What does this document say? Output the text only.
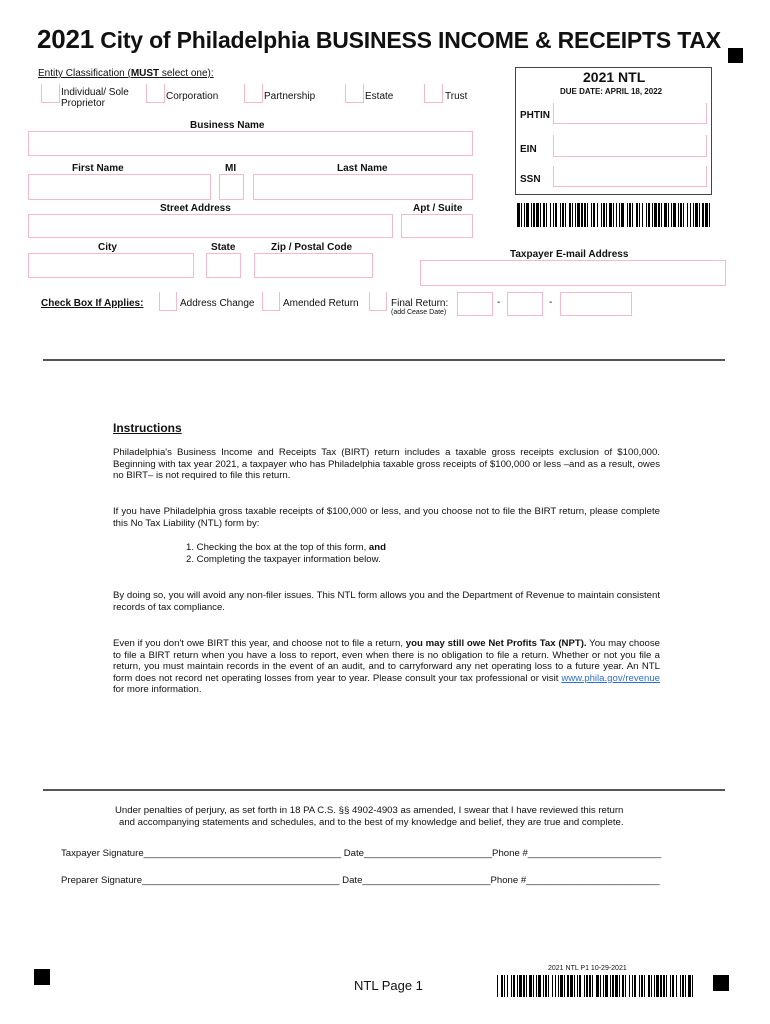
2021 City of Philadelphia BUSINESS INCOME & RECEIPTS TAX
Entity Classification (MUST select one):
Individual/ Sole Proprietor
Corporation	Partnership	Estate	Trust
2021 NTL
DUE DATE: APRIL 18, 2022
PHTIN
EIN
SSN
Business Name
First Name	MI	Last Name
Street Address	Apt / Suite
City	State	Zip / Postal Code
Taxpayer E-mail Address
Check Box If Applies:	Address Change	Amended Return	Final Return:
(add Cease Date)
-	-
Instructions
Philadelphia's Business Income and Receipts Tax (BIRT) return includes a taxable gross receipts exclusion of $100,000. Beginning with tax year 2021, a taxpayer who has Philadelphia taxable gross receipts of $100,000 or less –and as a result, owes no BIRT– is not required to file this return.
If you have Philadelphia gross taxable receipts of $100,000 or less, and you choose not to file the BIRT return, please complete this No Tax Liability (NTL) form by:
1. Checking the box at the top of this form, and
2. Completing the taxpayer information below.
By doing so, you will avoid any non-filer issues. This NTL form allows you and the Department of Revenue to maintain consistent records of tax compliance.
Even if you don't owe BIRT this year, and choose not to file a return, you may still owe Net Profits Tax (NPT). You may choose to file a BIRT return when you have a loss to report, even when there is no obligation to file a return. Whether or not you file a return, you must maintain records in the event of an audit, and to carryforward any net operating loss to a future year. An NTL form does not record net operating losses from year to year. Please consult your tax professional or visit www.phila.gov/revenue for more information.
Under penalties of perjury, as set forth in 18 PA C.S. §§ 4902-4903 as amended, I swear that I have reviewed this return
and accompanying statements and schedules, and to the best of my knowledge and belief, they are true and complete.
Taxpayer Signature_____________________________________ Date________________________Phone #_________________________
Preparer Signature_____________________________________ Date________________________Phone #_________________________
2021 NTL P1 10-29-2021
NTL Page 1
